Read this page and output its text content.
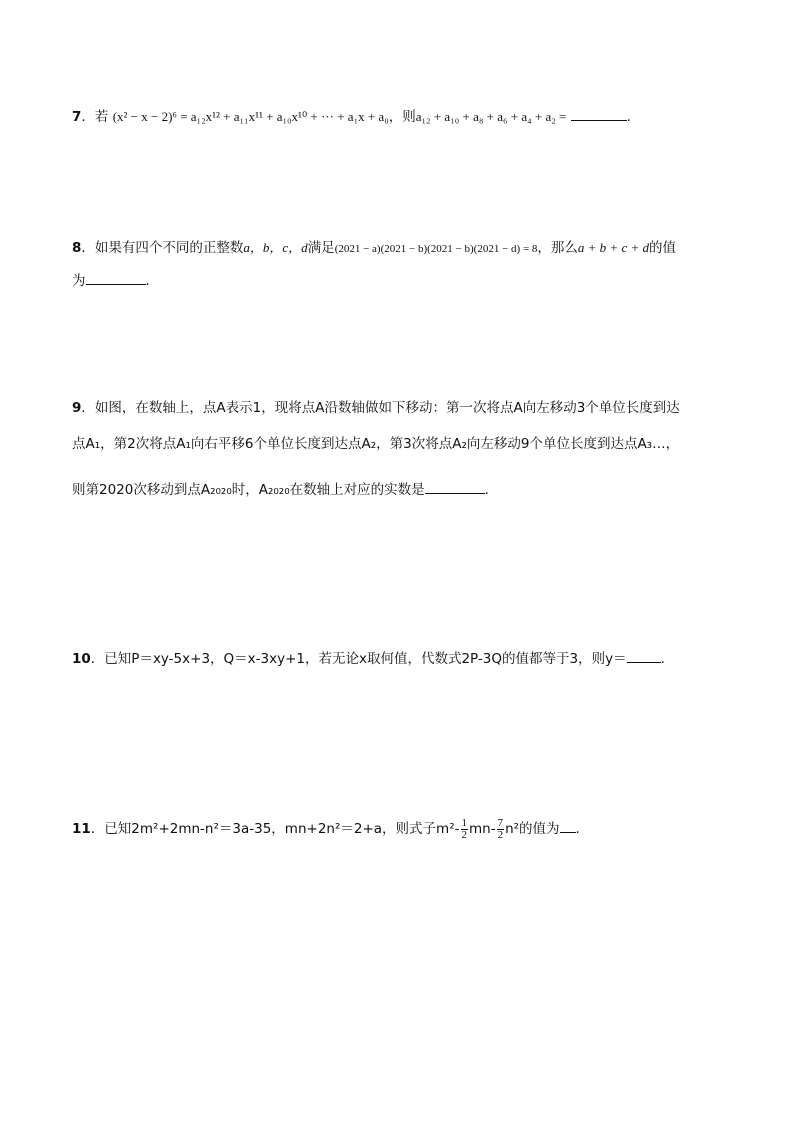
7．若 (x² − x − 2)⁶ = a₁₂x¹² + a₁₁x¹¹ + a₁₀x¹⁰ + ··· + a₁x + a₀，则a₁₂ + a₁₀ + a₈ + a₆ + a₄ + a₂ =	.
8．如果有四个不同的正整数a，b，c，d满足(2021 − a)(2021 − b)(2021 − b)(2021 − d) = 8，那么a + b + c + d的值
为	.
9．如图，在数轴上，点A表示1，现将点A沿数轴做如下移动：第一次将点A向左移动3个单位长度到达
点A₁，第2次将点A₁向右平移6个单位长度到达点A₂，第3次将点A₂向左移动9个单位长度到达点A₃…，
则第2020次移动到点A₂₀₂₀时，A₂₀₂₀在数轴上对应的实数是	.
10．已知P＝xy-5x+3，Q＝x-3xy+1，若无论x取何值，代数式2P-3Q的值都等于3，则y＝	.
11．已知2m²+2mn-n²＝3a-35，mn+2n²＝2+a，则式子$m^2- \frac{1}{2} mn- \frac{7}{2} n^2$的值为 .
